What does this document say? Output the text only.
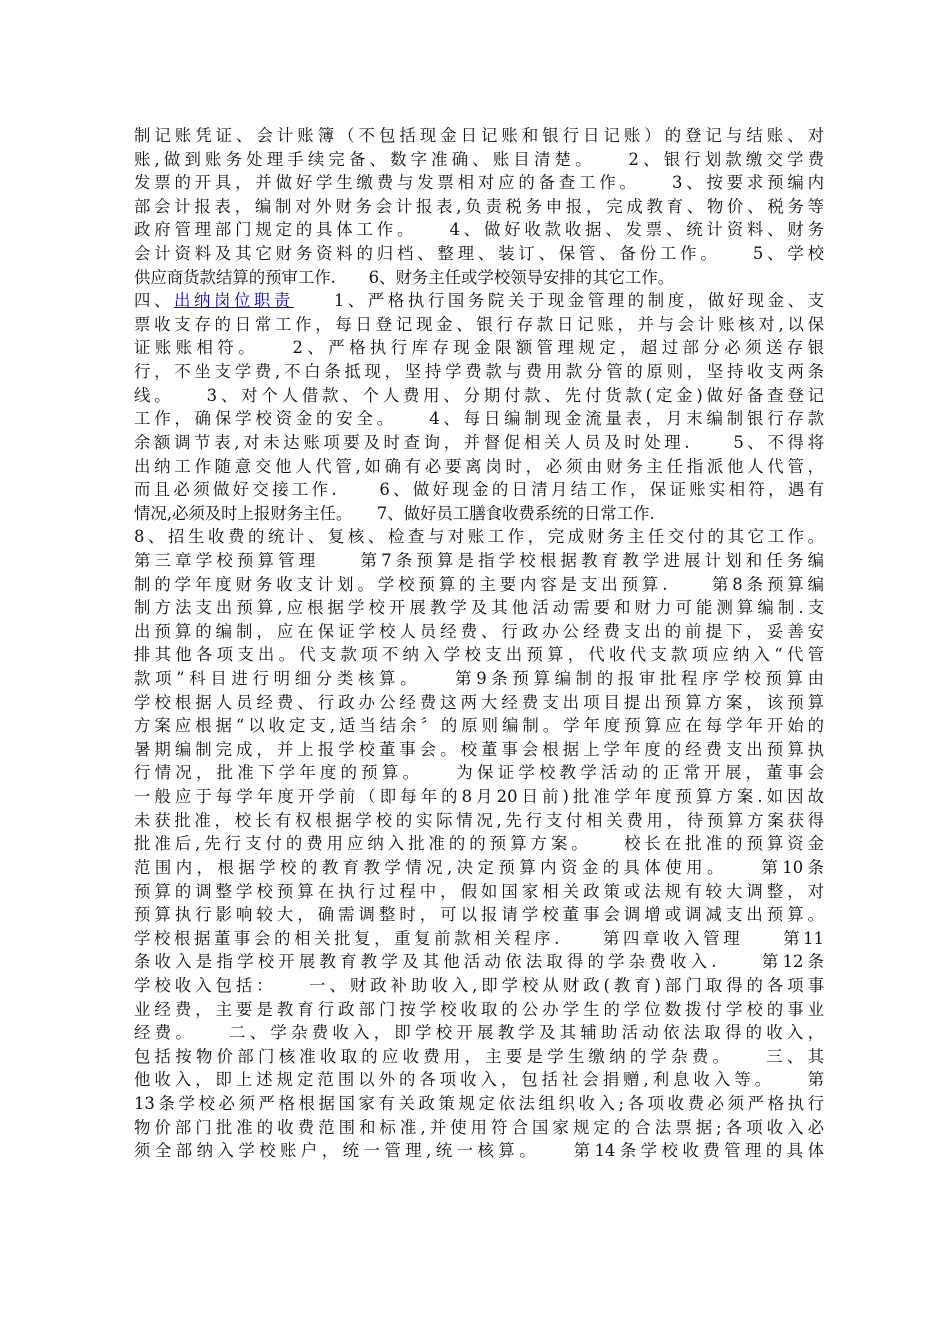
制记账凭证、会计账簿（不包括现金日记账和银行日记账）的登记与结账、对
账,做到账务处理手续完备、数字准确、账目清楚。　　2、银行划款缴交学费
发票的开具，并做好学生缴费与发票相对应的备查工作。　　3、按要求预编内
部会计报表，编制对外财务会计报表,负责税务申报，完成教育、物价、税务等
政府管理部门规定的具体工作。　　4、做好收款收据、发票、统计资料、财务
会计资料及其它财务资料的归档、整理、装订、保管、备份工作。　　5、学校
供应商货款结算的预审工作.　　6、财务主任或学校领导安排的其它工作。
四、出纳岗位职责　　1、严格执行国务院关于现金管理的制度，做好现金、支
票收支存的日常工作，每日登记现金、银行存款日记账，并与会计账核对,以保
证账账相符。　　2、严格执行库存现金限额管理规定，超过部分必须送存银
行，不坐支学费,不白条抵现，坚持学费款与费用款分管的原则，坚持收支两条
线。　　3、对个人借款、个人费用、分期付款、先付货款(定金)做好备查登记
工作，确保学校资金的安全。　　4、每日编制现金流量表，月末编制银行存款
余额调节表,对未达账项要及时查询，并督促相关人员及时处理.　　5、不得将
出纳工作随意交他人代管,如确有必要离岗时，必须由财务主任指派他人代管，
而且必须做好交接工作.　　6、做好现金的日清月结工作，保证账实相符，遇有
情况,必须及时上报财务主任。　　7、做好员工膳食收费系统的日常工作.
8、招生收费的统计、复核、检查与对账工作，完成财务主任交付的其它工作。
第三章学校预算管理　　第7条预算是指学校根据教育教学进展计划和任务编
制的学年度财务收支计划。学校预算的主要内容是支出预算.　　第8条预算编
制方法支出预算,应根据学校开展教学及其他活动需要和财力可能测算编制.支
出预算的编制，应在保证学校人员经费、行政办公经费支出的前提下，妥善安
排其他各项支出。代支款项不纳入学校支出预算，代收代支款项应纳入“代管
款项”科目进行明细分类核算。　　第9条预算编制的报审批程序学校预算由
学校根据人员经费、行政办公经费这两大经费支出项目提出预算方案，该预算
方案应根据“以收定支,适当结余〞的原则编制。学年度预算应在每学年开始的
暑期编制完成，并上报学校董事会。校董事会根据上学年度的经费支出预算执
行情况，批准下学年度的预算。　　为保证学校教学活动的正常开展，董事会
一般应于每学年度开学前（即每年的8月20日前)批准学年度预算方案.如因故
未获批准，校长有权根据学校的实际情况,先行支付相关费用，待预算方案获得
批准后,先行支付的费用应纳入批准的的预算方案。　　校长在批准的预算资金
范围内，根据学校的教育教学情况,决定预算内资金的具体使用。　　第10条
预算的调整学校预算在执行过程中，假如国家相关政策或法规有较大调整，对
预算执行影响较大，确需调整时，可以报请学校董事会调增或调减支出预算。
学校根据董事会的相关批复，重复前款相关程序.　　第四章收入管理　　第11
条收入是指学校开展教育教学及其他活动依法取得的学杂费收入.　　第12条
学校收入包括：　　一、财政补助收入,即学校从财政(教育)部门取得的各项事
业经费，主要是教育行政部门按学校收取的公办学生的学位数拨付学校的事业
经费。　　二、学杂费收入，即学校开展教学及其辅助活动依法取得的收入，
包括按物价部门核准收取的应收费用，主要是学生缴纳的学杂费。　　三、其
他收入，即上述规定范围以外的各项收入，包括社会捐赠,利息收入等。　　第
13条学校必须严格根据国家有关政策规定依法组织收入;各项收费必须严格执行
物价部门批准的收费范围和标准,并使用符合国家规定的合法票据;各项收入必
须全部纳入学校账户，统一管理,统一核算。　　第14条学校收费管理的具体
